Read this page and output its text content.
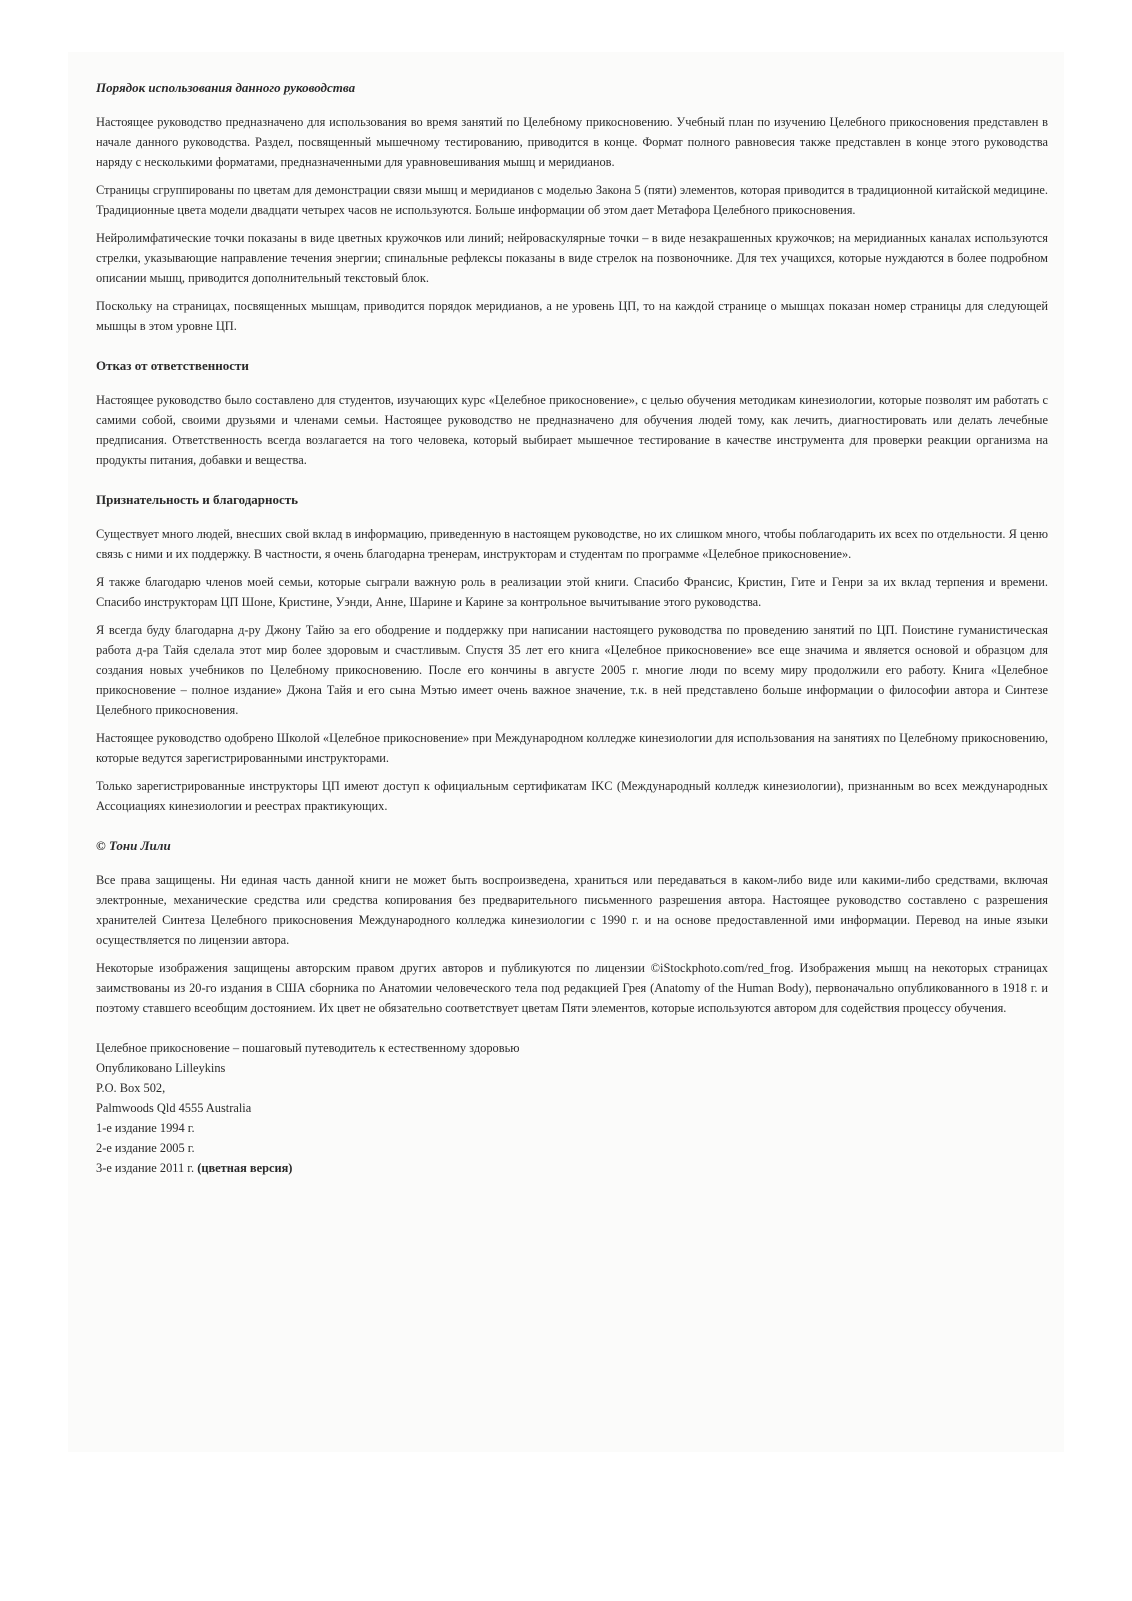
Порядок использования данного руководства

Настоящее руководство предназначено для использования во время занятий по Целебному прикосновению. Учебный план по изучению Целебного прикосновения представлен в начале данного руководства. Раздел, посвященный мышечному тестированию, приводится в конце. Формат полного равновесия также представлен в конце этого руководства наряду с несколькими форматами, предназначенными для уравновешивания мышц и меридианов.

Страницы сгруппированы по цветам для демонстрации связи мышц и меридианов с моделью Закона 5 (пяти) элементов, которая приводится в традиционной китайской медицине. Традиционные цвета модели двадцати четырех часов не используются. Больше информации об этом дает Метафора Целебного прикосновения.

Нейролимфатические точки показаны в виде цветных кружочков или линий; нейроваскулярные точки – в виде незакрашенных кружочков; на меридианных каналах используются стрелки, указывающие направление течения энергии; спинальные рефлексы показаны в виде стрелок на позвоночнике. Для тех учащихся, которые нуждаются в более подробном описании мышц, приводится дополнительный текстовый блок.

Поскольку на страницах, посвященных мышцам, приводится порядок меридианов, а не уровень ЦП, то на каждой странице о мышцах показан номер страницы для следующей мышцы в этом уровне ЦП.

Отказ от ответственности

Настоящее руководство было составлено для студентов, изучающих курс «Целебное прикосновение», с целью обучения методикам кинезиологии, которые позволят им работать с самими собой, своими друзьями и членами семьи. Настоящее руководство не предназначено для обучения людей тому, как лечить, диагностировать или делать лечебные предписания. Ответственность всегда возлагается на того человека, который выбирает мышечное тестирование в качестве инструмента для проверки реакции организма на продукты питания, добавки и вещества.

Признательность и благодарность

Существует много людей, внесших свой вклад в информацию, приведенную в настоящем руководстве, но их слишком много, чтобы поблагодарить их всех по отдельности. Я ценю связь с ними и их поддержку. В частности, я очень благодарна тренерам, инструкторам и студентам по программе «Целебное прикосновение».

Я также благодарю членов моей семьи, которые сыграли важную роль в реализации этой книги. Спасибо Франсис, Кристин, Гите и Генри за их вклад терпения и времени. Спасибо инструкторам ЦП Шоне, Кристине, Уэнди, Анне, Шарине и Карине за контрольное вычитывание этого руководства.

Я всегда буду благодарна д-ру Джону Тайю за его ободрение и поддержку при написании настоящего руководства по проведению занятий по ЦП. Поистине гуманистическая работа д-ра Тайя сделала этот мир более здоровым и счастливым. Спустя 35 лет его книга «Целебное прикосновение» все еще значима и является основой и образцом для создания новых учебников по Целебному прикосновению. После его кончины в августе 2005 г. многие люди по всему миру продолжили его работу. Книга «Целебное прикосновение – полное издание» Джона Тайя и его сына Мэтью имеет очень важное значение, т.к. в ней представлено больше информации о философии автора и Синтезе Целебного прикосновения.

Настоящее руководство одобрено Школой «Целебное прикосновение» при Международном колледже кинезиологии для использования на занятиях по Целебному прикосновению, которые ведутся зарегистрированными инструкторами.

Только зарегистрированные инструкторы ЦП имеют доступ к официальным сертификатам IKC (Международный колледж кинезиологии), признанным во всех международных Ассоциациях кинезиологии и реестрах практикующих.

© Тони Лили

Все права защищены. Ни единая часть данной книги не может быть воспроизведена, храниться или передаваться в каком-либо виде или какими-либо средствами, включая электронные, механические средства или средства копирования без предварительного письменного разрешения автора. Настоящее руководство составлено с разрешения хранителей Синтеза Целебного прикосновения Международного колледжа кинезиологии с 1990 г. и на основе предоставленной ими информации. Перевод на иные языки осуществляется по лицензии автора.

Некоторые изображения защищены авторским правом других авторов и публикуются по лицензии ©iStockphoto.com/red_frog. Изображения мышц на некоторых страницах заимствованы из 20-го издания в США сборника по Анатомии человеческого тела под редакцией Грея (Anatomy of the Human Body), первоначально опубликованного в 1918 г. и поэтому ставшего всеобщим достоянием. Их цвет не обязательно соответствует цветам Пяти элементов, которые используются автором для содействия процессу обучения.

Целебное прикосновение – пошаговый путеводитель к естественному здоровью
Опубликовано Lilleykins
P.O. Box 502,
Palmwoods Qld 4555 Australia
1-е издание 1994 г.
2-е издание 2005 г.
3-е издание 2011 г. (цветная версия)
